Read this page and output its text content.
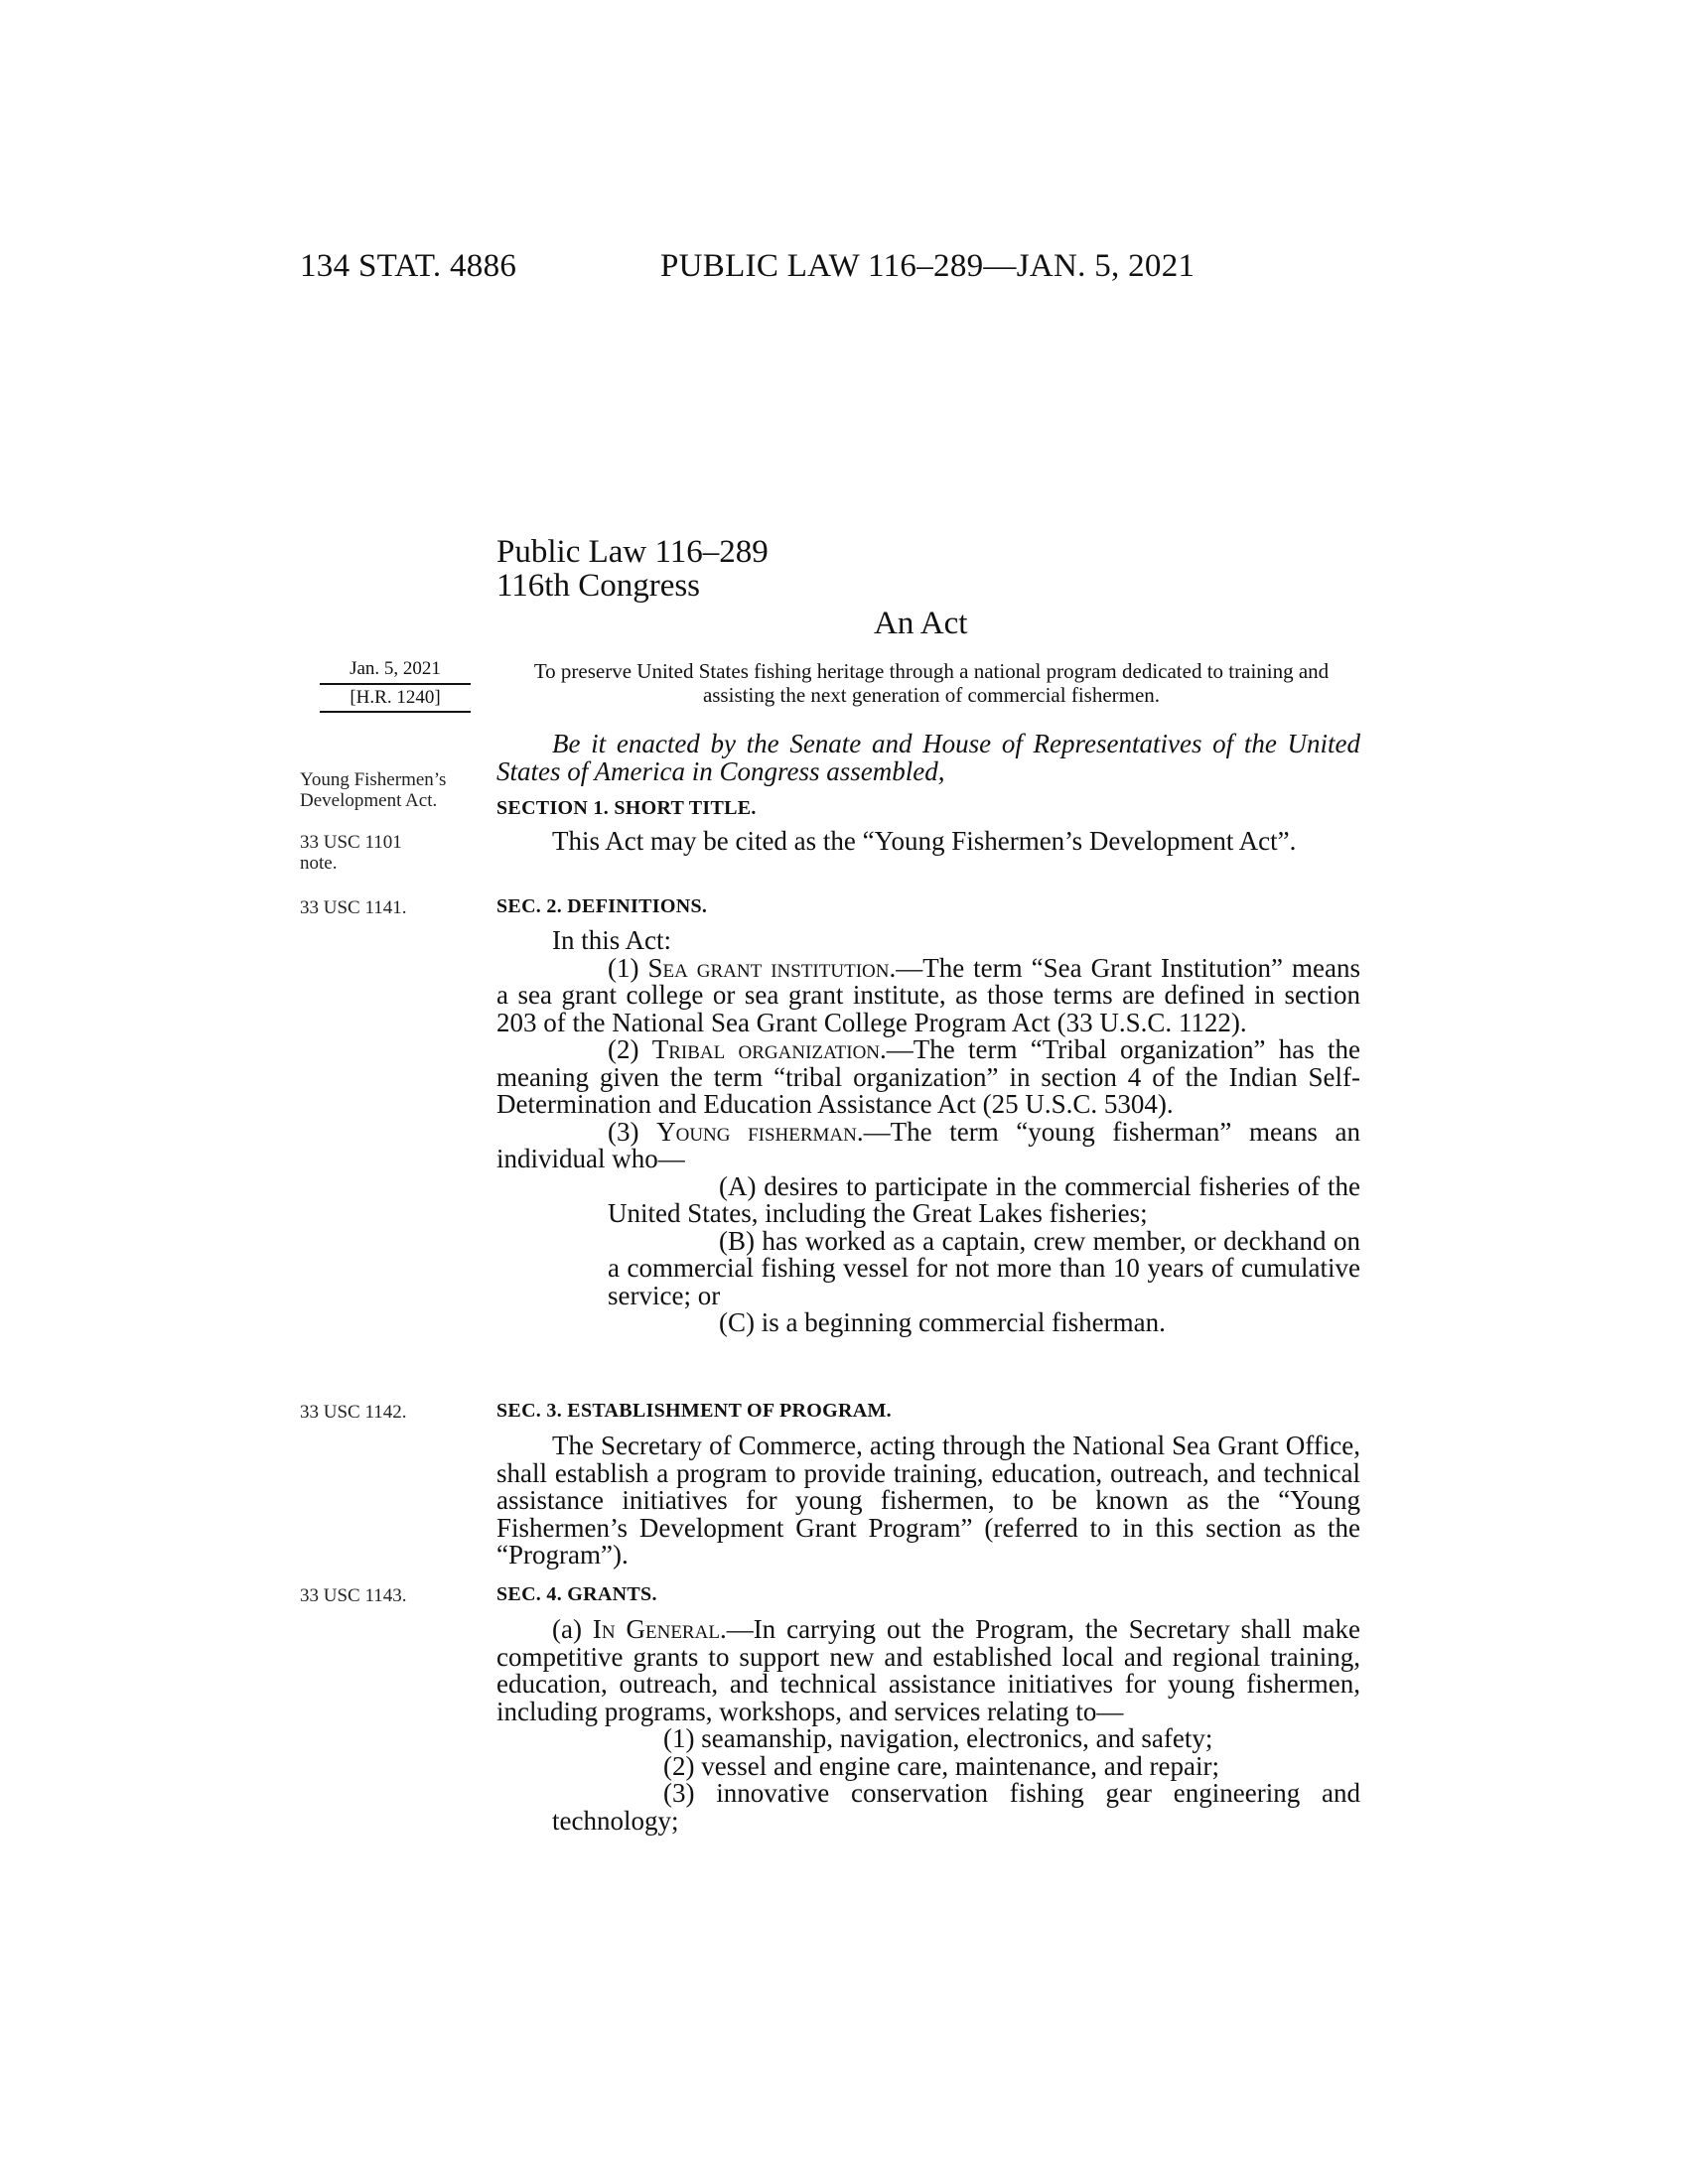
134 STAT. 4886	PUBLIC LAW 116–289—JAN. 5, 2021
Public Law 116–289
116th Congress
An Act
Jan. 5, 2021
[H.R. 1240]
To preserve United States fishing heritage through a national program dedicated to training and assisting the next generation of commercial fishermen.
Young Fishermen’s Development Act.
33 USC 1101 note.
33 USC 1141.
33 USC 1142.
33 USC 1143.
Be it enacted by the Senate and House of Representatives of the United States of America in Congress assembled,
SECTION 1. SHORT TITLE.
This Act may be cited as the “Young Fishermen’s Development Act”.
SEC. 2. DEFINITIONS.
In this Act:
(1) Sea grant institution.—The term “Sea Grant Institution” means a sea grant college or sea grant institute, as those terms are defined in section 203 of the National Sea Grant College Program Act (33 U.S.C. 1122).
(2) Tribal organization.—The term “Tribal organization” has the meaning given the term “tribal organization” in section 4 of the Indian Self-Determination and Education Assistance Act (25 U.S.C. 5304).
(3) Young fisherman.—The term “young fisherman” means an individual who—
(A) desires to participate in the commercial fisheries of the United States, including the Great Lakes fisheries;
(B) has worked as a captain, crew member, or deckhand on a commercial fishing vessel for not more than 10 years of cumulative service; or
(C) is a beginning commercial fisherman.
SEC. 3. ESTABLISHMENT OF PROGRAM.
The Secretary of Commerce, acting through the National Sea Grant Office, shall establish a program to provide training, education, outreach, and technical assistance initiatives for young fishermen, to be known as the “Young Fishermen’s Development Grant Program” (referred to in this section as the “Program”).
SEC. 4. GRANTS.
(a) In General.—In carrying out the Program, the Secretary shall make competitive grants to support new and established local and regional training, education, outreach, and technical assistance initiatives for young fishermen, including programs, workshops, and services relating to—
(1) seamanship, navigation, electronics, and safety;
(2) vessel and engine care, maintenance, and repair;
(3) innovative conservation fishing gear engineering and technology;
